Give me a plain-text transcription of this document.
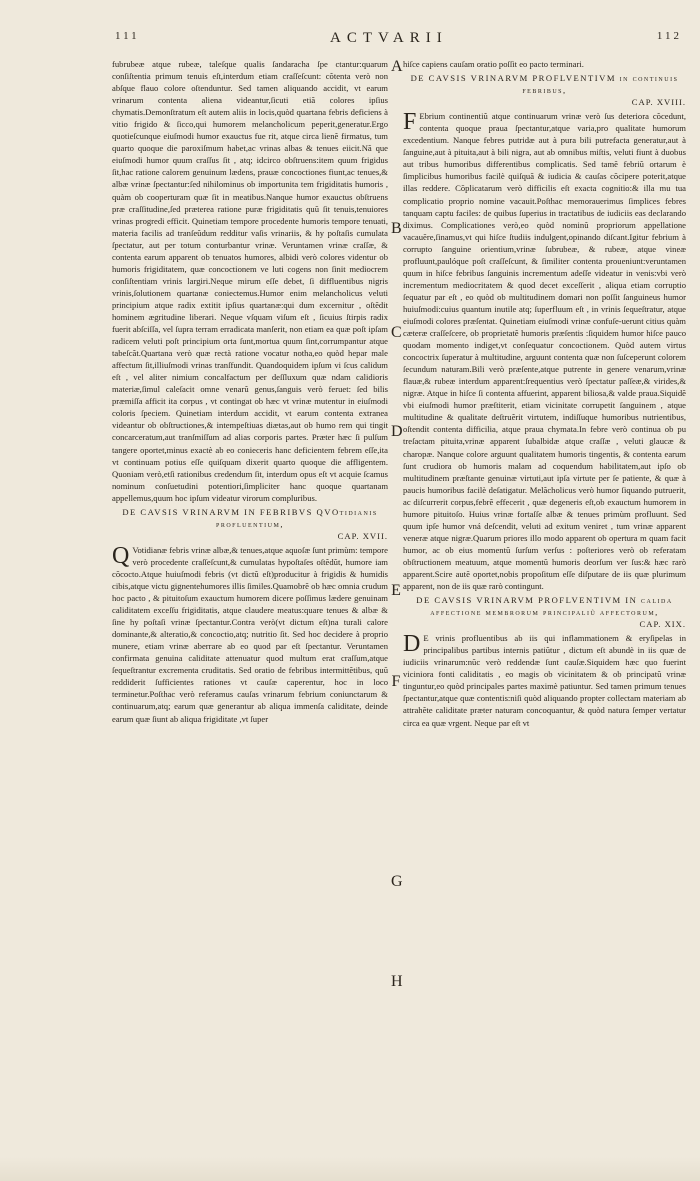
111	ACTVARII	112

fubrubeæ atque rubeæ, taleſque qualis ſandaracha ſpe ctantur:quarum conſiſtentia primum tenuis eſt,interdum etiam craſſeſcunt: cõtenta verò non abſque flauo colore oſtenduntur. Sed tamen aliquando accidit, vt earum vrinarum contenta aliena videantur,ſicuti etiã colores ipſius chymatis.Demonſtratum eſt autem aliis in locis,quòd quartana febris deficiens à vitio frigido & ſicco,qui humorem melancholicum peperit,generatur.Ergo quotieſcunque eiuſmodi humor exauctus fue rit, atque circa lienẽ firmatus, tum quarto quoque die paroxiſmum habet,ac vrinas albas & tenues eiicit.Nã que eiuſmodi humor quum craſſus ſit , atq; idcirco obſtruens:item quum frigidus ſit,hac ratione calorem genuinum lædens, prauæ concoctiones fiunt,ac tenues,& albæ vrinæ ſpectantur:ſed nihilominus ob importunita tem frigiditatis humoris , quàm ob cooperturam quæ ſit in meatibus.Nanque humor exauctus obſtruens præ craſſitudine,ſed præterea ratione puræ frigiditatis quũ ſit tenuis,tenuiores vrinas progredi efficit. Quinetiam tempore procedente humoris tempore tenuati, materia facilis ad tranſeũdum redditur vaſis vrinariis, & hy poſtaſis cumulata ſpectatur, aut per totum conturbantur vrinæ. Veruntamen vrinæ craſſæ, & contenta earum apparent ob tenuatos humores, albidi verò colores videntur ob humoris frigiditatem, quæ concoctionem ve luti cogens non ſinit mediocrem conſiſtentiam vrinis largiri.Neque mirum eſſe debet, ſi diffluentibus nigris vrinis,ſolutionem quartanæ coniectemus.Humor enim melancholicus veluti principium atque radix extitit ipſius quartanæ:qui dum excernitur , oſtẽdit hominem ægritudine liberari. Neque vſquam viſum eſt , ſicuius ſtirpis radix fuerit abſciſſa, vel ſupra terram erradicata manſerit, non etiam ea quæ poſt ipſam radicem veluti poſt principium orta ſunt,mortua quum ſint,corrumpantur atque tabeſcãt.Quartana verò quæ rectà ratione vocatur notha,eo quòd hepar male affectum ſit,illiuſmodi vrinas tranſfundit. Quandoquidem ipſum vi ſcus calidum eſt , vel aliter nimium concalfactum per deſſluxum quæ ndam calidioris materiæ,ſimul caleſacit omne venarũ genus,ſanguis verò feruet: ſed bilis præmiſſa afficit ita corpus , vt contingat ob hæc vt vrinæ mutentur in eiuſmodi coloris ſpeciem. Quinetiam interdum accidit, vt earum contenta extranea videantur ob obſtructiones,& intempeſtiuas diætas,aut ob humo rem qui tingit concarceratum,aut tranſmiſſum ad alias corporis partes. Præter hæc ſi pulſum tangere oportet,minus exactè ab eo conieceris hanc deficientem febrem eſſe,ita vt continuam potius eſſe quiſquam dixerit quarto quoque die affligentem. Quoniam verò,etſi rationibus credendum ſit, interdum opus eſt vt acquie ſcamus nominum conſuetudini potentiori,ſimpliciter hanc quoque quartanam appellemus,quum hoc ipſum videatur virorum compluribus.

DE CAVSIS VRINARVM IN FEBRIBVS QVOtidianis profluentium,
CAP. XVII.

Q Votidianæ febris vrinæ albæ,& tenues,atque aquoſæ ſunt primùm: tempore verò procedente craſſeſcunt,& cumulatas hypoſtaſes oſtẽdũt, humore iam cõcocto.Atque huiuſmodi febris (vt dictũ eſt)producitur à frigidis & humidis cibis,atque victu gignentehumores illis ſimiles.Quamobrẽ ob hæc omnia crudum hoc pacto , & pituitoſum exauctum humorem dicere poſſimus lædere genuinam caliditatem exceſſu frigiditatis, atque claudere meatus:quare tenues & albæ & ſine hy poſtaſi vrinæ ſpectantur.Contra verò(vt dictum eſt)na turali calore dominante,& alteratio,& concoctio,atq; nutritio ſit. Sed hoc decidere à proprio munere, etiam vrinæ aberrare ab eo quod par eſt ſpectantur. Veruntamen confirmata genuina caliditate attenuatur quod multum erat craſſum,atque ſequeſtrantur excrementa cruditatis. Sed oratio de febribus intermittẽtibus, quũ reddiderit ſufficientes rationes vt cauſæ caperentur, hoc in loco terminetur.Poſthac verò referamus cauſas vrinarum febrium coniunctarum & continuarum,atq; earum quæ generantur ab aliqua immenſa caliditate, deinde earum quæ ſiunt ab aliqua frigiditate ,vt ſuper

A
B
C
D
E
F
G
H

hiſce capiens cauſam oratio poſſit eo pacto terminari.

DE CAVSIS VRINARVM PROFLVENTIVM in continuis febribus,
CAP. XVIII.

F Ebrium continentiũ atque continuarum vrinæ verò ſus deteriora cõcedunt, contenta quoque praua ſpectantur,atque varia,pro qualitate humorum excedentium. Nanque febres putridæ aut à pura bili putrefacta generatur,aut à ſanguine,aut à pituita,aut à bili nigra, aut ab omnibus miſtis, veluti fiunt à duobus aut tribus humoribus differentibus complicatis. Sed tamẽ febriũ ortarum è ſimplicibus humoribus facilè quiſquã & iudicia & cauſas cõcipere poterit,atque illas reddere. Cõplicatarum verò difficilis eſt exacta cognitio:& illa mu tua complicatio proprio nomine vacauit.Poſthac memorauerimus ſimplices febres tanquam captu faciles: de quibus ſuperius in tractatibus de iudiciis eas declarando diximus. Complicationes verò,eo quòd nominũ propriorum appellatione vacauẽre,ſinamus,vt qui hiſce ſtudiis indulgent,opinando diſcant.Igitur febrium à corrupto ſanguine orientium,vrinæ ſubrubeæ, & rubeæ, atque vineæ profluunt,paulóque poſt craſſeſcunt, & ſimiliter contenta proueniunt:veruntamen quum in hiſce febribus ſanguinis incrementum adeſſe videatur in venis:vbi verò incrementum mediocritatem & quod decet exceſſerit , aliqua etiam corruptio ſequatur par eſt , eo quòd ob multitudinem domari non poſſit ſanguineus humor huiuſmodi:cuius quantum inutile atq; ſuperfluum eſt , in vrinis ſequeſtratur, atque eiuſmodi colores præſentat. Quinetiam eiuſmodi vrinæ confuſe-uerunt citius quàm cæteræ craſſeſcere, ob proprietatẽ humoris præſentis :ſiquidem humor hiſce pauco quodam momento indiget,vt conſequatur concoctionem. Quòd autem virtus concoctrix ſuperatur à multitudine, arguunt contenta quæ non ſuſceperunt colorem ſecundum naturam.Bili verò præſente,atque putrente in genere venarum,vrinæ flauæ,& rubeæ interdum apparent:ſrequentius verò ſpectatur paſſeæ,& virides,& nigræ. Atque in hiſce ſi contenta affuerint, apparent biliosa,& valde praua.Siquidẽ vbi eiuſmodi humor præſtiterit, etiam vicinitate corrupetit ſanguinem , atque multitudine & qualitate deſtruẽrit virtutem, indiſſuque humoribus nutrientibus, oſtendit contenta difficilia, atque praua chymata.In febre verò continua ob pu treſactam pituita,vrinæ apparent ſubalbidæ atque craſſæ , veluti glaucæ & charopæ. Nanque colore arguunt qualitatem humoris tingentis, & contenta earum ſunt crudiora ob humoris malam ad coquendum habilitatem,aut ipſo ob multitudinem præſtante genuinæ virtuti,aut ipſa virtute per ſe patiente, & quæ à paucis humoribus facilè deſatigatur. Melãcholicus verò humor ſiquando putruerit, ac diſcurrerit corpus,febrẽ effecerit , quæ degeneris eſt,ob exauctum humorem in humore pituitoſo. Huius vrinæ fortaſſe albæ & tenues primùm profluunt. Sed quum ipſe humor vná deſcendit, veluti ad exitum veniret , tum vrinæ apparent veneræ atque nigræ.Quarum priores illo modo apparent ob opertura m quam facit humor, ac ob eius momentũ ſurſum verſus : poſteriores verò ob referatam obſtructionem meatuum, atque momentũ humoris deorſum ver ſus:& hæc rarò apparent.Scire autẽ oportet,nobis propoſitum eſſe diſputare de iis quæ plurimum apparent, non de iis quæ rarò contingunt.

DE CAVSIS VRINARVM PROFLVENTIVM IN calida affectione membrorum principaliũ affectorum,
CAP. XIX.

D E vrinis profluentibus ab iis qui inflammationem & eryſipelas in principalibus partibus internis patiũtur , dictum eſt abundè in iis quæ de iudiciis vrinarum:nũc verò reddendæ ſunt cauſæ.Siquidem hæc quo fuerint viciniora fonti caliditatis , eo magis ob vicinitatem & ob principatũ vrinæ tinguntur,eo quòd principales partes maximè patiuntur. Sed tamen primum tenues ſpectantur,atque quæ contentis:niſi quòd aliquando propter collectam materiam ab attrahẽte caliditate præter naturam concoquantur, & quòd natura ſemper vertatur circa ea quæ vrgent. Neque par eſt vt
